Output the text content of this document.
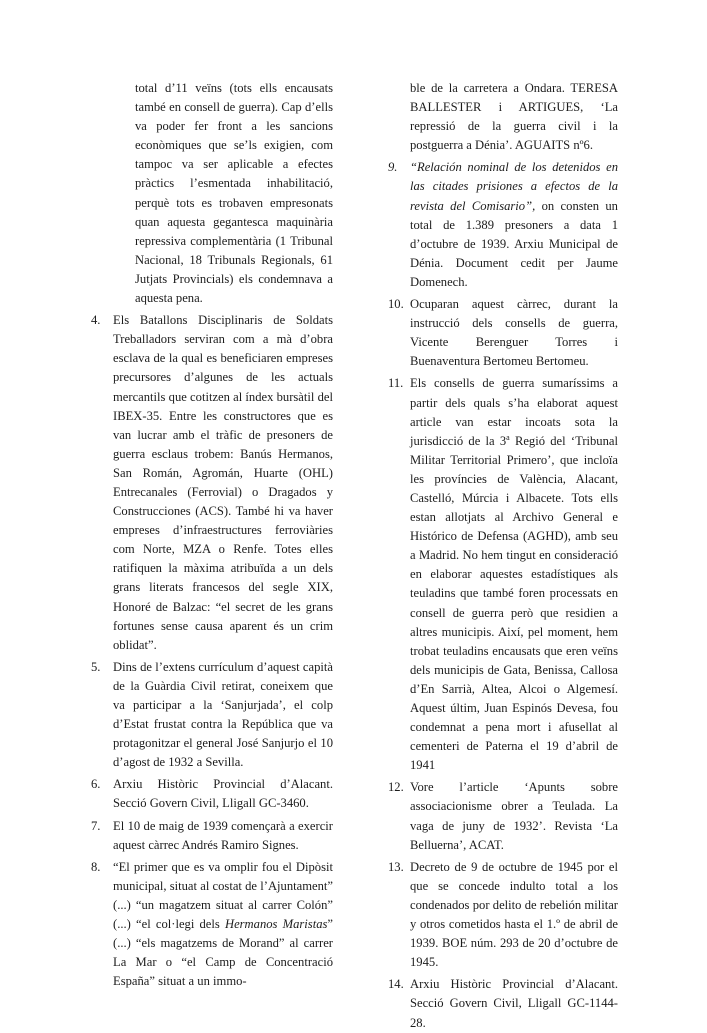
total d’11 veïns (tots ells encausats també en consell de guerra). Cap d’ells va poder fer front a les sancions econòmiques que se’ls exigien, com tampoc va ser aplicable a efectes pràctics l’esmentada inhabilitació, perquè tots es trobaven empresonats quan aquesta gegantesca maquinària repressiva complementària (1 Tribunal Nacional, 18 Tribunals Regionals, 61 Jutjats Provincials) els condemnava a aquesta pena.

4. Els Batallons Disciplinaris de Soldats Treballadors serviran com a mà d’obra esclava de la qual es beneficiaren empreses precursores d’algunes de les actuals mercantils que cotitzen al índex bursàtil del IBEX-35. Entre les constructores que es van lucrar amb el tràfic de presoners de guerra esclaus trobem: Banús Hermanos, San Román, Agromán, Huarte (OHL) Entrecanales (Ferrovial) o Dragados y Construcciones (ACS). També hi va haver empreses d’infraestructures ferroviàries com Norte, MZA o Renfe. Totes elles ratifiquen la màxima atribuïda a un dels grans literats francesos del segle XIX, Honoré de Balzac: “el secret de les grans fortunes sense causa aparent és un crim oblidat”.

5. Dins de l’extens currículum d’aquest capità de la Guàrdia Civil retirat, coneixem que va participar a la ‘Sanjurjada’, el colp d’Estat frustat contra la República que va protagonitzar el general José Sanjurjo el 10 d’agost de 1932 a Sevilla.

6. Arxiu Històric Provincial d’Alacant. Secció Govern Civil, Lligall GC-3460.

7. El 10 de maig de 1939 començarà a exercir aquest càrrec Andrés Ramiro Signes.

8. “El primer que es va omplir fou el Dipòsit municipal, situat al costat de l’Ajuntament” (...) “un magatzem situat al carrer Colón” (...) “el col·legi dels Hermanos Maristas” (...) “els magatzems de Morand” al carrer La Mar o “el Camp de Concentració España” situat a un immo-

ble de la carretera a Ondara. TERESA BALLESTER i ARTIGUES, ‘La repressió de la guerra civil i la postguerra a Dénia’. AGUAITS nº6.

9. “Relación nominal de los detenidos en las citades prisiones a efectos de la revista del Comisario”, on consten un total de 1.389 presoners a data 1 d’octubre de 1939. Arxiu Municipal de Dénia. Document cedit per Jaume Domenech.

10. Ocuparan aquest càrrec, durant la instrucció dels consells de guerra, Vicente Berenguer Torres i Buenaventura Bertomeu Bertomeu.

11. Els consells de guerra sumaríssims a partir dels quals s’ha elaborat aquest article van estar incoats sota la jurisdicció de la 3$^a$ Regió del ‘Tribunal Militar Territorial Primero’, que incloïa les províncies de València, Alacant, Castelló, Múrcia i Albacete. Tots ells estan allotjats al Archivo General e Histórico de Defensa (AGHD), amb seu a Madrid. No hem tingut en consideració en elaborar aquestes estadístiques als teuladins que també foren processats en consell de guerra però que residien a altres municipis. Així, pel moment, hem trobat teuladins encausats que eren veïns dels municipis de Gata, Benissa, Callosa d’En Sarrià, Altea, Alcoi o Algemesí. Aquest últim, Juan Espinós Devesa, fou condemnat a pena mort i afusellat al cementeri de Paterna el 19 d’abril de 1941

12. Vore l’article ‘Apunts sobre associacionisme obrer a Teulada. La vaga de juny de 1932’. Revista ‘La Belluerna’, ACAT.

13. Decreto de 9 de octubre de 1945 por el que se concede indulto total a los condenados por delito de rebelión militar y otros cometidos hasta el 1.º de abril de 1939. BOE núm. 293 de 20 d’octubre de 1945.

14. Arxiu Històric Provincial d’Alacant. Secció Govern Civil, Lligall GC-1144-28.
